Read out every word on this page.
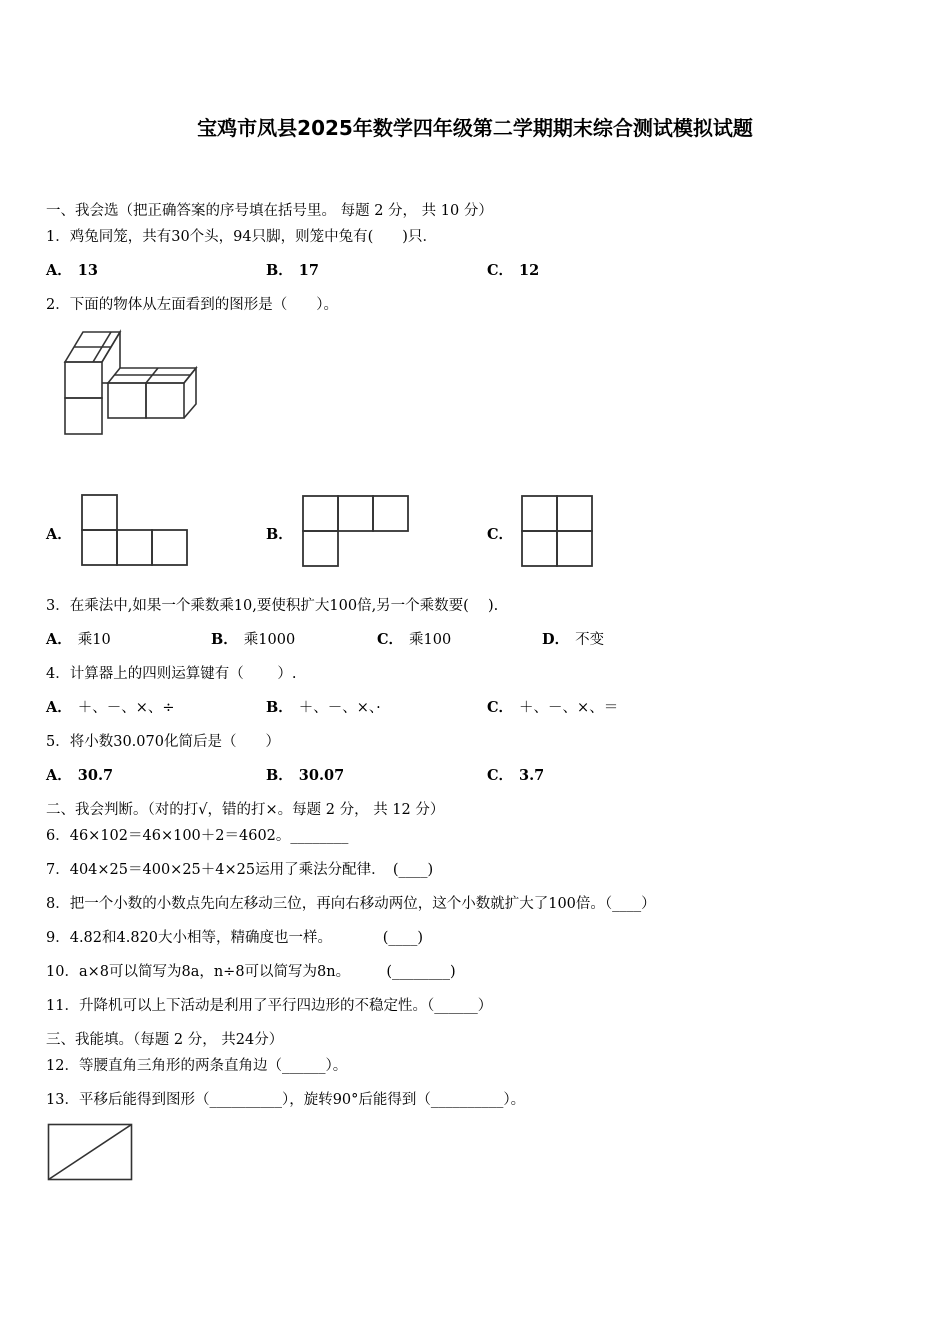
宝鸡市凤县2025年数学四年级第二学期期末综合测试模拟试题
一、我会选（把正确答案的序号填在括号里。 每题 2 分， 共 10 分）
1．鸡兔同笼，共有30个头，94只脚，则笼中兔有(　　)只．
A． 13	B． 17	C． 12
2．下面的物体从左面看到的图形是（　　）。
A．	B．	C．
3．在乘法中,如果一个乘数乘10,要使积扩大100倍,另一个乘数要(　 ).
A． 乘10	B． 乘1000	C． 乘100	D． 不变
4．计算器上的四则运算键有（　　 ）.
A． ＋、－、×、÷	B． ＋、－、×、·	C． ＋、－、×、＝
5．将小数30.070化简后是（　　）
A． 30.7	B． 30.07	C． 3.7
二、我会判断。（对的打√，错的打×。每题 2 分， 共 12 分）
6．46×102＝46×100＋2＝4602。________
7．404×25＝400×25＋4×25运用了乘法分配律．　(____)
8．把一个小数的小数点先向左移动三位，再向右移动两位，这个小数就扩大了100倍。（____）
9．4.82和4.820大小相等，精确度也一样。　　　　(____)
10．a×8可以简写为8a，n÷8可以简写为8n。　　　(________)
11．升降机可以上下活动是利用了平行四边形的不稳定性。（______）
三、我能填。（每题 2 分， 共24分）
12．等腰直角三角形的两条直角边（______）。
13．平移后能得到图形（__________），旋转90°后能得到（__________）。
